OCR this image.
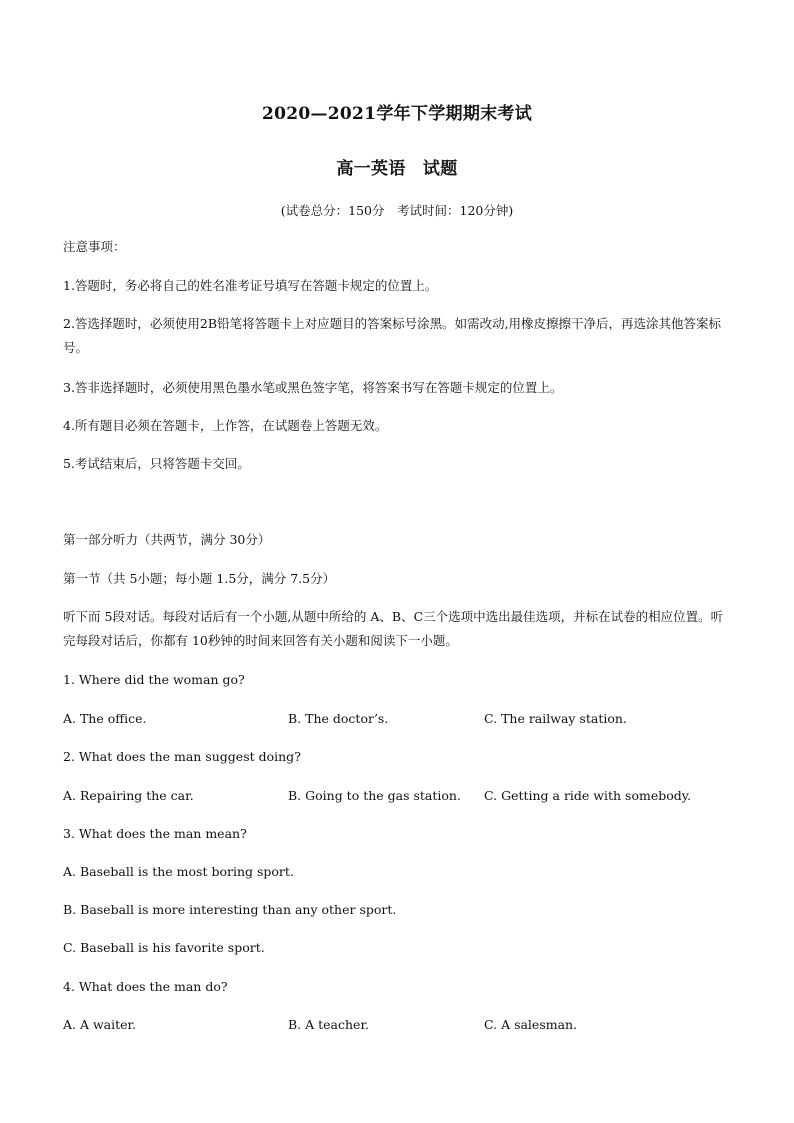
2020—2021学年下学期期末考试
高一英语　试题
(试卷总分：150分　考试时间：120分钟)
注意事项：
1.答题时，务必将自己的姓名准考证号填写在答题卡规定的位置上。
2.答选择题时，必须使用2B铅笔将答题卡上对应题目的答案标号涂黑。如需改动,用橡皮擦擦干净后，再选涂其他答案标号。
3.答非选择题时，必须使用黑色墨水笔或黑色签字笔，将答案书写在答题卡规定的位置上。
4.所有题目必须在答题卡，上作答，在试题卷上答题无效。
5.考试结束后，只将答题卡交回。
第一部分听力（共两节，满分 30分）
第一节（共 5小题；每小题 1.5分，满分 7.5分）
听下而 5段对话。每段对话后有一个小题,从题中所给的 A、B、C三个选项中选出最佳选项，并标在试卷的相应位置。听完每段对话后，你都有 10秒钟的时间来回答有关小题和阅读下一小题。
1. Where did the woman go?
A. The office.	B. The doctor’s.	C. The railway station.
2. What does the man suggest doing?
A. Repairing the car.	B. Going to the gas station. C. Getting a ride with somebody.
3. What does the man mean?
A. Baseball is the most boring sport.
B. Baseball is more interesting than any other sport.
C. Baseball is his favorite sport.
4. What does the man do?
A. A waiter.	B. A teacher.	C. A salesman.
